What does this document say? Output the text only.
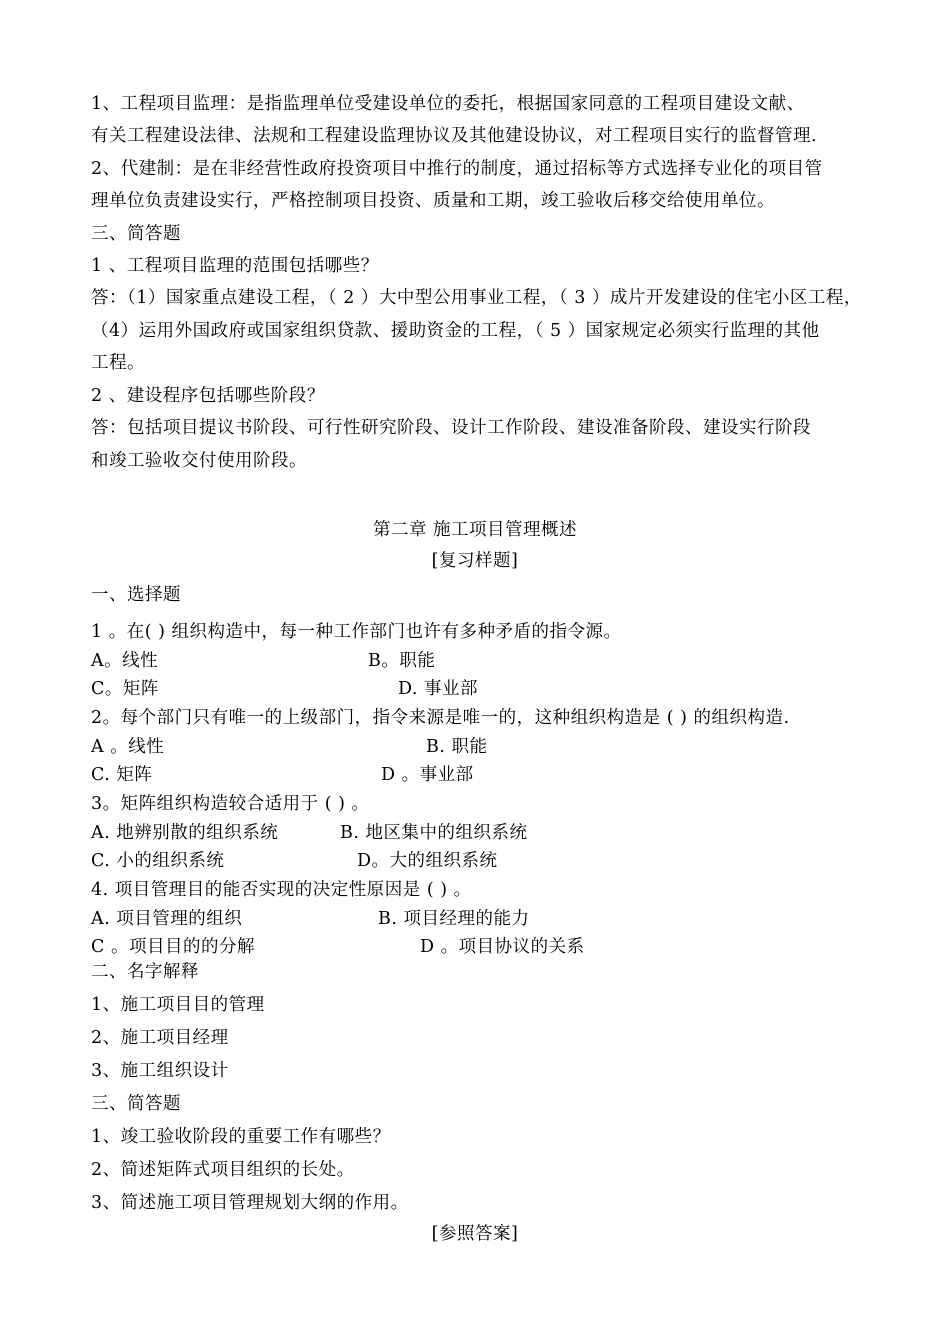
1、工程项目监理：是指监理单位受建设单位的委托，根据国家同意的工程项目建设文献、
有关工程建设法律、法规和工程建设监理协议及其他建设协议，对工程项目实行的监督管理.
2、代建制：是在非经营性政府投资项目中推行的制度，通过招标等方式选择专业化的项目管
理单位负责建设实行，严格控制项目投资、质量和工期，竣工验收后移交给使用单位。
三、简答题
1 、工程项目监理的范围包括哪些？
答：（1）国家重点建设工程，（ 2 ）大中型公用事业工程，（ 3 ）成片开发建设的住宅小区工程，
（4）运用外国政府或国家组织贷款、援助资金的工程，（ 5 ）国家规定必须实行监理的其他
工程。
2 、建设程序包括哪些阶段？
答：包括项目提议书阶段、可行性研究阶段、设计工作阶段、建设准备阶段、建设实行阶段
和竣工验收交付使用阶段。
第二章 施工项目管理概述
[复习样题]
一、选择题
1 。在( ) 组织构造中，每一种工作部门也许有多种矛盾的指令源。
A。线性	B。职能
C。矩阵	D. 事业部
2。每个部门只有唯一的上级部门，指令来源是唯一的，这种组织构造是 ( ) 的组织构造.
A 。线性	B. 职能
C. 矩阵	D 。事业部
3。矩阵组织构造较合适用于 ( ) 。
A. 地辨别散的组织系统	B. 地区集中的组织系统
C. 小的组织系统	D。大的组织系统
4. 项目管理目的能否实现的决定性原因是 ( ) 。
A. 项目管理的组织	B. 项目经理的能力
C 。项目目的的分解	D 。项目协议的关系
二、名字解释
1、施工项目目的管理
2、施工项目经理
3、施工组织设计
三、简答题
1、竣工验收阶段的重要工作有哪些？
2、简述矩阵式项目组织的长处。
3、简述施工项目管理规划大纲的作用。
[参照答案]
